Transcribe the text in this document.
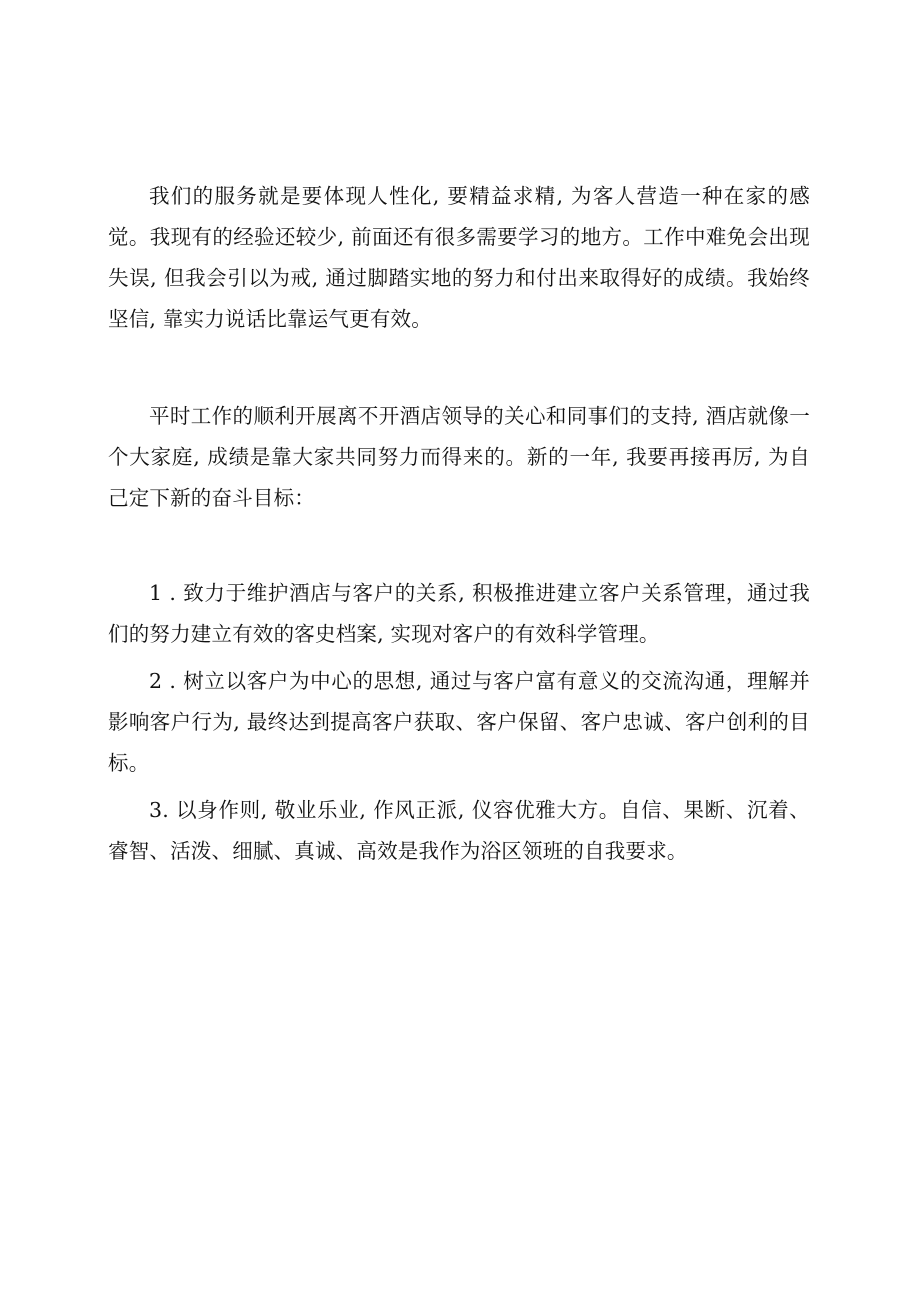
我们的服务就是要体现人性化, 要精益求精, 为客人营造一种在家的感觉。我现有的经验还较少, 前面还有很多需要学习的地方。工作中难免会出现失误, 但我会引以为戒, 通过脚踏实地的努力和付出来取得好的成绩。我始终坚信, 靠实力说话比靠运气更有效。

平时工作的顺利开展离不开酒店领导的关心和同事们的支持, 酒店就像一个大家庭, 成绩是靠大家共同努力而得来的。新的一年, 我要再接再厉, 为自己定下新的奋斗目标：

1 . 致力于维护酒店与客户的关系, 积极推进建立客户关系管理，通过我们的努力建立有效的客史档案, 实现对客户的有效科学管理。

2 . 树立以客户为中心的思想, 通过与客户富有意义的交流沟通，理解并影响客户行为, 最终达到提高客户获取、客户保留、客户忠诚、客户创利的目标。

3. 以身作则, 敬业乐业, 作风正派, 仪容优雅大方。自信、果断、沉着、睿智、活泼、细腻、真诚、高效是我作为浴区领班的自我要求。
